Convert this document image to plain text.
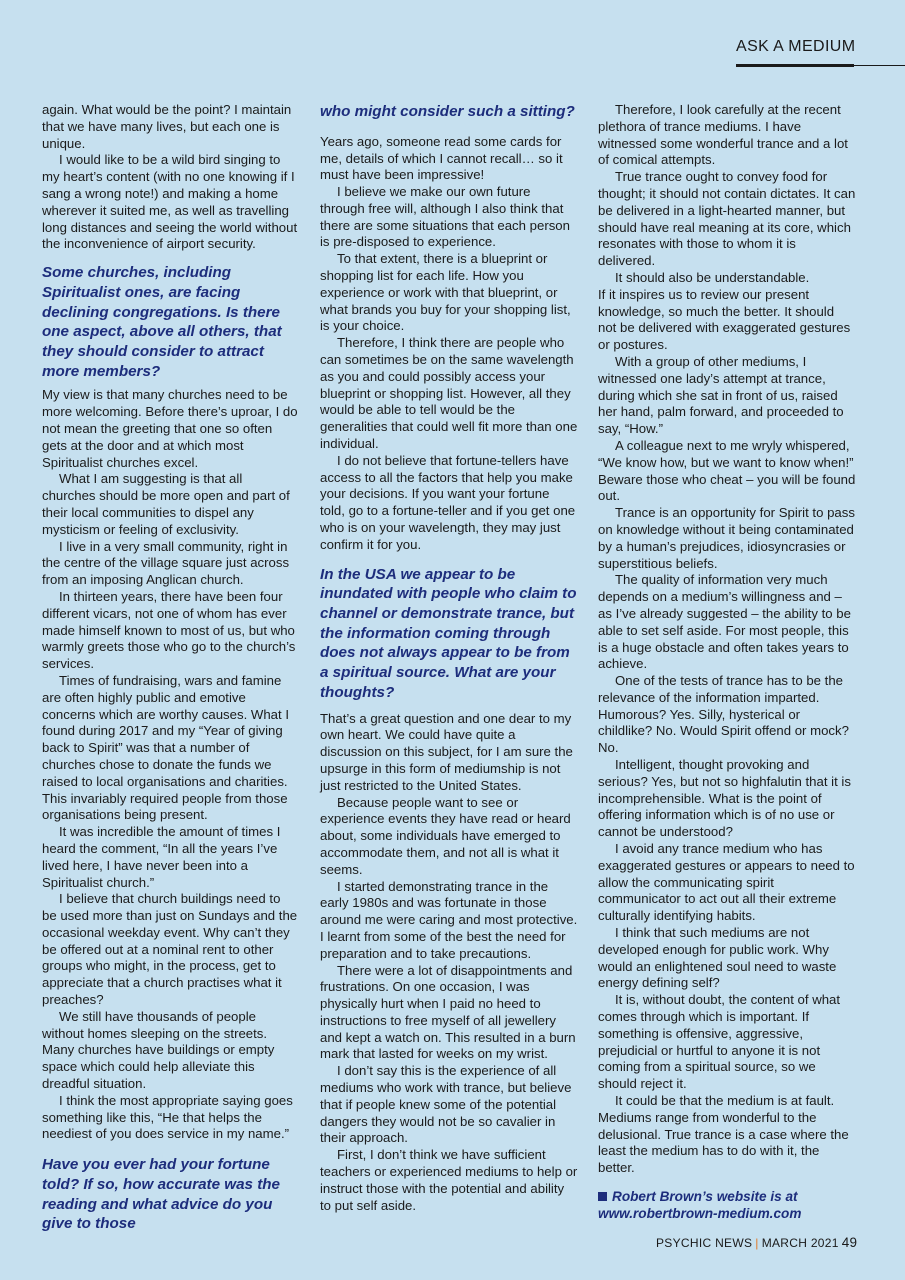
ASK A MEDIUM

again. What would be the point? I maintain that we have many lives, but each one is unique.

I would like to be a wild bird singing to my heart’s content (with no one knowing if I sang a wrong note!) and making a home wherever it suited me, as well as travelling long distances and seeing the world without the inconvenience of airport security.

Some churches, including Spiritualist ones, are facing declining congregations. Is there one aspect, above all others, that they should consider to attract more members?

My view is that many churches need to be more welcoming. Before there’s uproar, I do not mean the greeting that one so often gets at the door and at which most Spiritualist churches excel.

What I am suggesting is that all churches should be more open and part of their local communities to dispel any mysticism or feeling of exclusivity.

I live in a very small community, right in the centre of the village square just across from an imposing Anglican church.

In thirteen years, there have been four different vicars, not one of whom has ever made himself known to most of us, but who warmly greets those who go to the church’s services.

Times of fundraising, wars and famine are often highly public and emotive concerns which are worthy causes. What I found during 2017 and my “Year of giving back to Spirit” was that a number of churches chose to donate the funds we raised to local organisations and charities. This invariably required people from those organisations being present.

It was incredible the amount of times I heard the comment, “In all the years I’ve lived here, I have never been into a Spiritualist church.”

I believe that church buildings need to be used more than just on Sundays and the occasional weekday event. Why can’t they be offered out at a nominal rent to other groups who might, in the process, get to appreciate that a church practises what it preaches?

We still have thousands of people without homes sleeping on the streets. Many churches have buildings or empty space which could help alleviate this dreadful situation.

I think the most appropriate saying goes something like this, “He that helps the neediest of you does service in my name.”

Have you ever had your fortune told? If so, how accurate was the reading and what advice do you give to those
who might consider such a sitting?

Years ago, someone read some cards for me, details of which I cannot recall… so it must have been impressive!

I believe we make our own future through free will, although I also think that there are some situations that each person is pre-disposed to experience.

To that extent, there is a blueprint or shopping list for each life. How you experience or work with that blueprint, or what brands you buy for your shopping list, is your choice.

Therefore, I think there are people who can sometimes be on the same wavelength as you and could possibly access your blueprint or shopping list. However, all they would be able to tell would be the generalities that could well fit more than one individual.

I do not believe that fortune-tellers have access to all the factors that help you make your decisions. If you want your fortune told, go to a fortune-teller and if you get one who is on your wavelength, they may just confirm it for you.

In the USA we appear to be inundated with people who claim to channel or demonstrate trance, but the information coming through does not always appear to be from a spiritual source. What are your thoughts?

That’s a great question and one dear to my own heart. We could have quite a discussion on this subject, for I am sure the upsurge in this form of mediumship is not just restricted to the United States.

Because people want to see or experience events they have read or heard about, some individuals have emerged to accommodate them, and not all is what it seems.

I started demonstrating trance in the early 1980s and was fortunate in those around me were caring and most protective. I learnt from some of the best the need for preparation and to take precautions.

There were a lot of disappointments and frustrations. On one occasion, I was physically hurt when I paid no heed to instructions to free myself of all jewellery and kept a watch on. This resulted in a burn mark that lasted for weeks on my wrist.

I don’t say this is the experience of all mediums who work with trance, but believe that if people knew some of the potential dangers they would not be so cavalier in their approach.

First, I don’t think we have sufficient teachers or experienced mediums to help or instruct those with the potential and ability to put self aside.

Therefore, I look carefully at the recent plethora of trance mediums. I have witnessed some wonderful trance and a lot of comical attempts.

True trance ought to convey food for thought; it should not contain dictates. It can be delivered in a light-hearted manner, but should have real meaning at its core, which resonates with those to whom it is delivered.

It should also be understandable.

If it inspires us to review our present knowledge, so much the better. It should not be delivered with exaggerated gestures or postures.

With a group of other mediums, I witnessed one lady’s attempt at trance, during which she sat in front of us, raised her hand, palm forward, and proceeded to say, “How.”

A colleague next to me wryly whispered, “We know how, but we want to know when!” Beware those who cheat – you will be found out.

Trance is an opportunity for Spirit to pass on knowledge without it being contaminated by a human’s prejudices, idiosyncrasies or superstitious beliefs.

The quality of information very much depends on a medium’s willingness and – as I’ve already suggested – the ability to be able to set self aside. For most people, this is a huge obstacle and often takes years to achieve.

One of the tests of trance has to be the relevance of the information imparted. Humorous? Yes. Silly, hysterical or childlike? No. Would Spirit offend or mock? No.

Intelligent, thought provoking and serious? Yes, but not so highfalutin that it is incomprehensible. What is the point of offering information which is of no use or cannot be understood?

I avoid any trance medium who has exaggerated gestures or appears to need to allow the communicating spirit communicator to act out all their extreme culturally identifying habits.

I think that such mediums are not developed enough for public work. Why would an enlightened soul need to waste energy defining self?

It is, without doubt, the content of what comes through which is important. If something is offensive, aggressive, prejudicial or hurtful to anyone it is not coming from a spiritual source, so we should reject it.

It could be that the medium is at fault. Mediums range from wonderful to the delusional. True trance is a case where the least the medium has to do with it, the better.

Robert Brown’s website is at
www.robertbrown-medium.com
PSYCHIC NEWS | MARCH 2021 49
